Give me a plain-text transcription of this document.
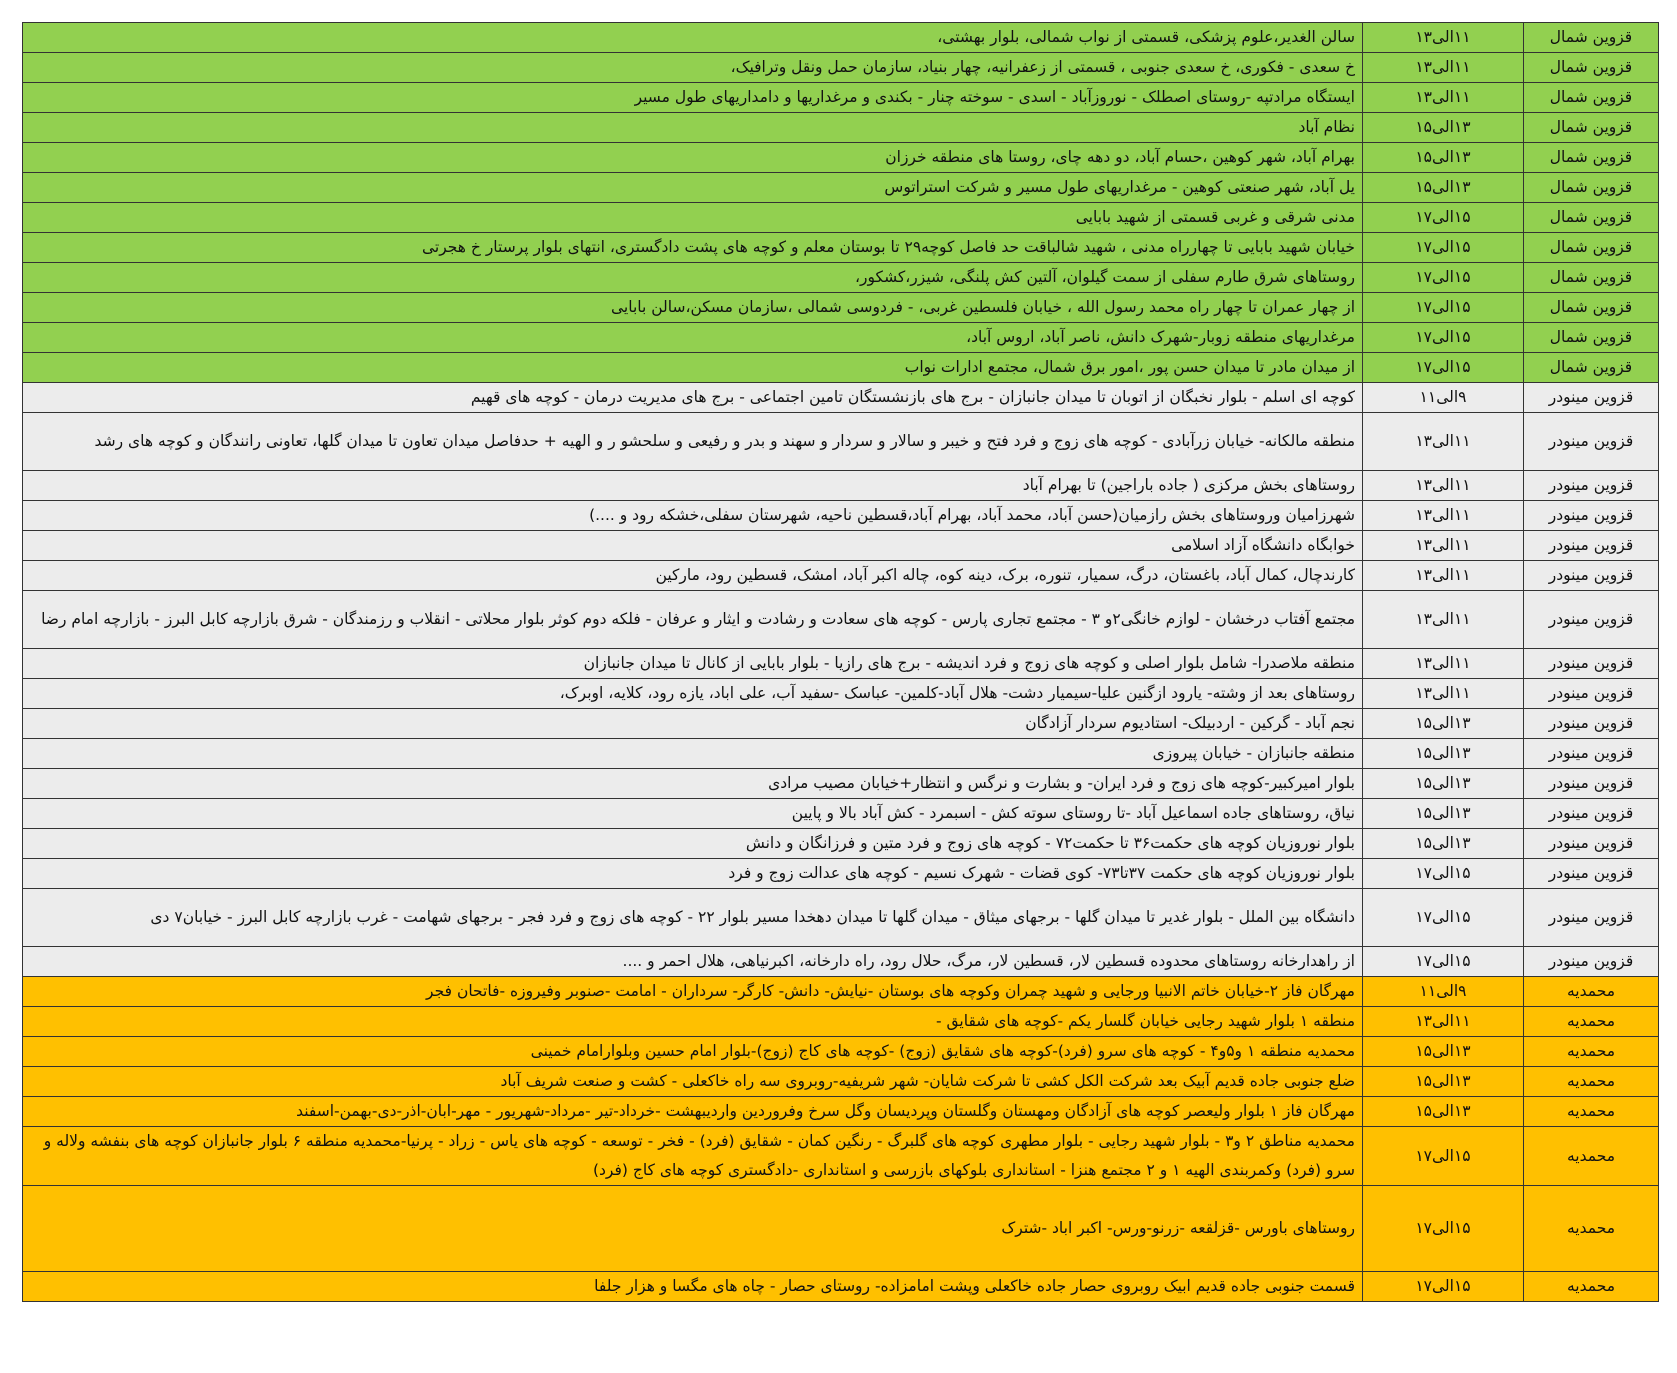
قزوین شمال	۱۱الی۱۳	سالن الغدیر،علوم پزشکی، قسمتی از نواب شمالی، بلوار بهشتی،
قزوین شمال	۱۱الی۱۳	خ سعدی - فکوری، خ سعدی جنوبی ، قسمتی از زعفرانیه، چهار بنیاد، سازمان حمل ونقل وترافیک،
قزوین شمال	۱۱الی۱۳	ایستگاه مرادتپه -روستای اصطلک - نوروزآباد - اسدی - سوخته چنار - بکندی و مرغداریها و دامداریهای طول مسیر
قزوین شمال	۱۳الی۱۵	نظام آباد
قزوین شمال	۱۳الی۱۵	بهرام آباد، شهر کوهین ،حسام آباد، دو دهه چای، روستا های منطقه خرزان
قزوین شمال	۱۳الی۱۵	یل آباد، شهر صنعتی کوهین - مرغداریهای طول مسیر و شرکت استراتوس
قزوین شمال	۱۵الی۱۷	مدنی شرقی و غربی قسمتی از شهید بابایی
قزوین شمال	۱۵الی۱۷	خیابان شهید بابایی تا چهارراه مدنی ، شهید شالباقت حد فاصل کوچه۲۹ تا بوستان معلم و کوچه های پشت دادگستری، انتهای بلوار پرستار خ هجرتی
قزوین شمال	۱۵الی۱۷	روستاهای شرق طارم سفلی از سمت گیلوان، آلتین کش پلنگی، شیزر،کشکور،
قزوین شمال	۱۵الی۱۷	از چهار عمران تا چهار راه محمد رسول الله ، خیابان فلسطین غربی، - فردوسی شمالی ،سازمان مسکن،سالن بابایی
قزوین شمال	۱۵الی۱۷	مرغداریهای منطقه زوبار-شهرک دانش، ناصر آباد، اروس آباد،
قزوین شمال	۱۵الی۱۷	از میدان مادر تا میدان حسن پور ،امور برق شمال، مجتمع ادارات نواب
قزوین مینودر	۹الی۱۱	کوچه ای اسلم - بلوار نخبگان از اتوبان تا میدان جانبازان - برج های بازنشستگان تامین اجتماعی - برج های مدیریت درمان - کوچه های قهیم
قزوین مینودر	۱۱الی۱۳	منطقه مالکانه- خیابان زرآبادی - کوچه های زوج و فرد فتح و خیبر و سالار و سردار و سهند و بدر و رفیعی و سلحشو ر و الهیه + حدفاصل میدان تعاون تا میدان گلها، تعاونی رانندگان و کوچه های رشد
قزوین مینودر	۱۱الی۱۳	روستاهای بخش مرکزی ( جاده باراجین) تا بهرام آباد
قزوین مینودر	۱۱الی۱۳	شهرزامیان وروستاهای بخش رازمیان(حسن آباد، محمد آباد، بهرام آباد،قسطین ناحیه، شهرستان سفلی،خشکه رود و ....)
قزوین مینودر	۱۱الی۱۳	خوابگاه دانشگاه آزاد اسلامی
قزوین مینودر	۱۱الی۱۳	کارندچال، کمال آباد، باغستان، درگ، سمیار، تنوره، برک، دینه کوه، چاله اکبر آباد، امشک، قسطین رود، مارکین
قزوین مینودر	۱۱الی۱۳	مجتمع آفتاب درخشان - لوازم خانگی۲و ۳ - مجتمع تجاری پارس - کوچه های سعادت و رشادت و ایثار و عرفان - فلکه دوم کوثر بلوار محلاتی - انقلاب و رزمندگان - شرق بازارچه کابل البرز - بازارچه امام رضا
قزوین مینودر	۱۱الی۱۳	منطقه ملاصدرا- شامل بلوار اصلی و کوچه های زوج و فرد اندیشه - برج های رازیا - بلوار بابایی از کانال تا میدان جانبازان
قزوین مینودر	۱۱الی۱۳	روستاهای بعد از وشته- یارود ازگنین علیا-سیمیار دشت- هلال آباد-کلمین- عباسک -سفید آب، علی اباد، یازه رود، کلایه، اوبرک،
قزوین مینودر	۱۳الی۱۵	نجم آباد - گرکین - اردبیلک- استادیوم سردار آزادگان
قزوین مینودر	۱۳الی۱۵	منطقه جانبازان - خیابان پیروزی
قزوین مینودر	۱۳الی۱۵	بلوار امیرکبیر-کوچه های زوج و فرد ایران- و بشارت و نرگس و انتظار+خیابان مصیب مرادی
قزوین مینودر	۱۳الی۱۵	نیاق، روستاهای جاده اسماعیل آباد -تا روستای سوته کش - اسبمرد - کش آباد بالا و پایین
قزوین مینودر	۱۳الی۱۵	بلوار نوروزیان کوچه های حکمت۳۶ تا حکمت۷۲ - کوچه های زوج و فرد متین و فرزانگان و دانش
قزوین مینودر	۱۵الی۱۷	بلوار نوروزیان کوچه های حکمت ۳۷تا۷۳- کوی قضات - شهرک نسیم - کوچه های عدالت زوج و فرد
قزوین مینودر	۱۵الی۱۷	دانشگاه بین الملل - بلوار غدیر تا میدان گلها - برجهای میثاق - میدان گلها تا میدان دهخدا مسیر بلوار ۲۲ - کوچه های زوج و فرد فجر - برجهای شهامت - غرب بازارچه کابل البرز - خیابان۷ دی
قزوین مینودر	۱۵الی۱۷	از راهدارخانه روستاهای محدوده قسطین لار، قسطین لار، مرگ، حلال رود، راه دارخانه، اکبرنیاهی، هلال احمر و ....
محمدیه	۹الی۱۱	مهرگان فاز ۲-خیابان خاتم الانبیا ورجایی و شهید چمران وکوچه های بوستان -نیایش- دانش- کارگر- سرداران - امامت -صنوبر وفیروزه -فاتحان فجر
محمدیه	۱۱الی۱۳	منطقه ۱ بلوار شهید رجایی خیابان گلسار یکم -کوچه های شقایق -
محمدیه	۱۳الی۱۵	محمدیه منطقه ۱ و۵و۴ - کوچه های سرو (فرد)-کوچه های شقایق (زوج) -کوچه های کاج (زوج)-بلوار امام حسین وبلوارامام خمینی
محمدیه	۱۳الی۱۵	ضلع جنوبی جاده قدیم آبیک بعد شرکت الکل کشی تا شرکت شایان- شهر شریفیه-روبروی سه راه خاکعلی - کشت و صنعت شریف آباد
محمدیه	۱۳الی۱۵	مهرگان فاز ۱ بلوار ولیعصر کوچه های آزادگان ومهستان وگلستان وپردیسان وگل سرخ وفروردین واردیبهشت -خرداد-تیر -مرداد-شهریور - مهر-ابان-اذر-دی-بهمن-اسفند
محمدیه	۱۵الی۱۷	محمدیه مناطق ۲ و۳ - بلوار شهید رجایی - بلوار مطهری کوچه های گلبرگ - رنگین کمان - شقایق (فرد) - فخر - توسعه - کوچه های یاس - زراد - پرنیا-محمدیه منطقه ۶ بلوار جانبازان کوچه های بنفشه ولاله و سرو (فرد) وکمربندی الهیه ۱ و ۲ مجتمع هنزا - استانداری بلوکهای بازرسی و استانداری -دادگستری کوچه های کاج (فرد)
محمدیه	۱۵الی۱۷	روستاهای باورس -قزلقعه -زرنو-ورس- اکبر اباد -شترک
محمدیه	۱۵الی۱۷	قسمت جنوبی جاده قدیم ابیک روبروی حصار جاده خاکعلی وپشت امامزاده- روستای حصار - چاه های مگسا و هزار جلفا
